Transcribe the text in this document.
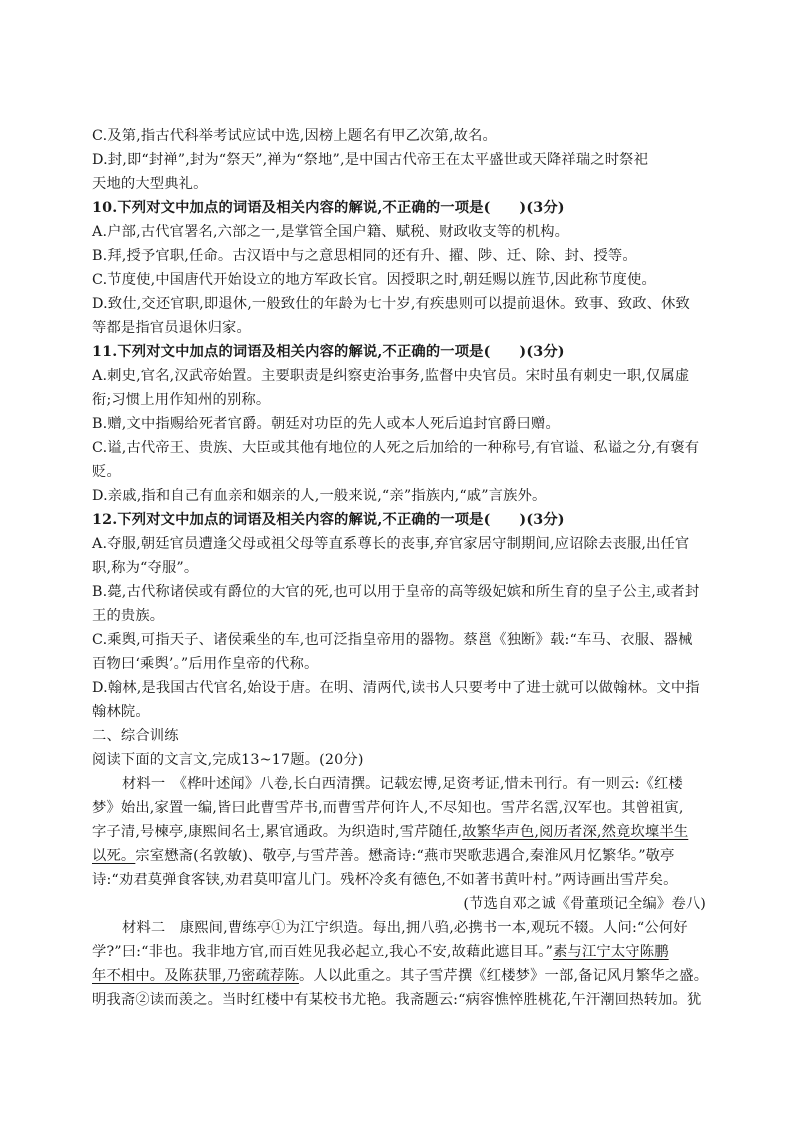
C.及第,指古代科举考试应试中选,因榜上题名有甲乙次第,故名。
D.封,即“封禅”,封为“祭天”,禅为“祭地”,是中国古代帝王在太平盛世或天降祥瑞之时祭祀
天地的大型典礼。
10.下列对文中加点的词语及相关内容的解说,不正确的一项是(　　)(3分)
A.户部,古代官署名,六部之一,是掌管全国户籍、赋税、财政收支等的机构。
B.拜,授予官职,任命。古汉语中与之意思相同的还有升、擢、陟、迁、除、封、授等。
C.节度使,中国唐代开始设立的地方军政长官。因授职之时,朝廷赐以旌节,因此称节度使。
D.致仕,交还官职,即退休,一般致仕的年龄为七十岁,有疾患则可以提前退休。致事、致政、休致
等都是指官员退休归家。
11.下列对文中加点的词语及相关内容的解说,不正确的一项是(　　)(3分)
A.刺史,官名,汉武帝始置。主要职责是纠察吏治事务,监督中央官员。宋时虽有刺史一职,仅属虚
衔;习惯上用作知州的别称。
B.赠,文中指赐给死者官爵。朝廷对功臣的先人或本人死后追封官爵曰赠。
C.谥,古代帝王、贵族、大臣或其他有地位的人死之后加给的一种称号,有官谥、私谥之分,有褒有
贬。
D.亲戚,指和自己有血亲和姻亲的人,一般来说,“亲”指族内,“戚”言族外。
12.下列对文中加点的词语及相关内容的解说,不正确的一项是(　　)(3分)
A.夺服,朝廷官员遭逢父母或祖父母等直系尊长的丧事,弃官家居守制期间,应诏除去丧服,出任官
职,称为“夺服”。
B.薨,古代称诸侯或有爵位的大官的死,也可以用于皇帝的高等级妃嫔和所生育的皇子公主,或者封
王的贵族。
C.乘舆,可指天子、诸侯乘坐的车,也可泛指皇帝用的器物。蔡邕《独断》载:“车马、衣服、器械
百物曰‘乘舆’。”后用作皇帝的代称。
D.翰林,是我国古代官名,始设于唐。在明、清两代,读书人只要考中了进士就可以做翰林。文中指
翰林院。
二、综合训练
阅读下面的文言文,完成13~17题。(20分)
材料一　《桦叶述闻》八卷,长白西清撰。记载宏博,足资考证,惜未刊行。有一则云:《红楼
梦》始出,家置一编,皆曰此曹雪芹书,而曹雪芹何许人,不尽知也。雪芹名霑,汉军也。其曾祖寅,
字子清,号楝亭,康熙间名士,累官通政。为织造时,雪芹随任,故繁华声色,阅历者深,然竟坎壈半生
以死。宗室懋斋(名敦敏)、敬亭,与雪芹善。懋斋诗:“燕市哭歌悲遇合,秦淮风月忆繁华。”敬亭
诗:“劝君莫弹食客铗,劝君莫叩富儿门。残杯冷炙有德色,不如著书黄叶村。”两诗画出雪芹矣。
(节选自邓之诚《骨董琐记全编》卷八)
材料二　康熙间,曹练亭①为江宁织造。每出,拥八驺,必携书一本,观玩不辍。人问:“公何好
学?”曰:“非也。我非地方官,而百姓见我必起立,我心不安,故藉此遮目耳。”素与江宁太守陈鹏
年不相中。及陈获罪,乃密疏荐陈。人以此重之。其子雪芹撰《红楼梦》一部,备记风月繁华之盛。
明我斋②读而羡之。当时红楼中有某校书尤艳。我斋题云:“病容憔悴胜桃花,午汗潮回热转加。犹
